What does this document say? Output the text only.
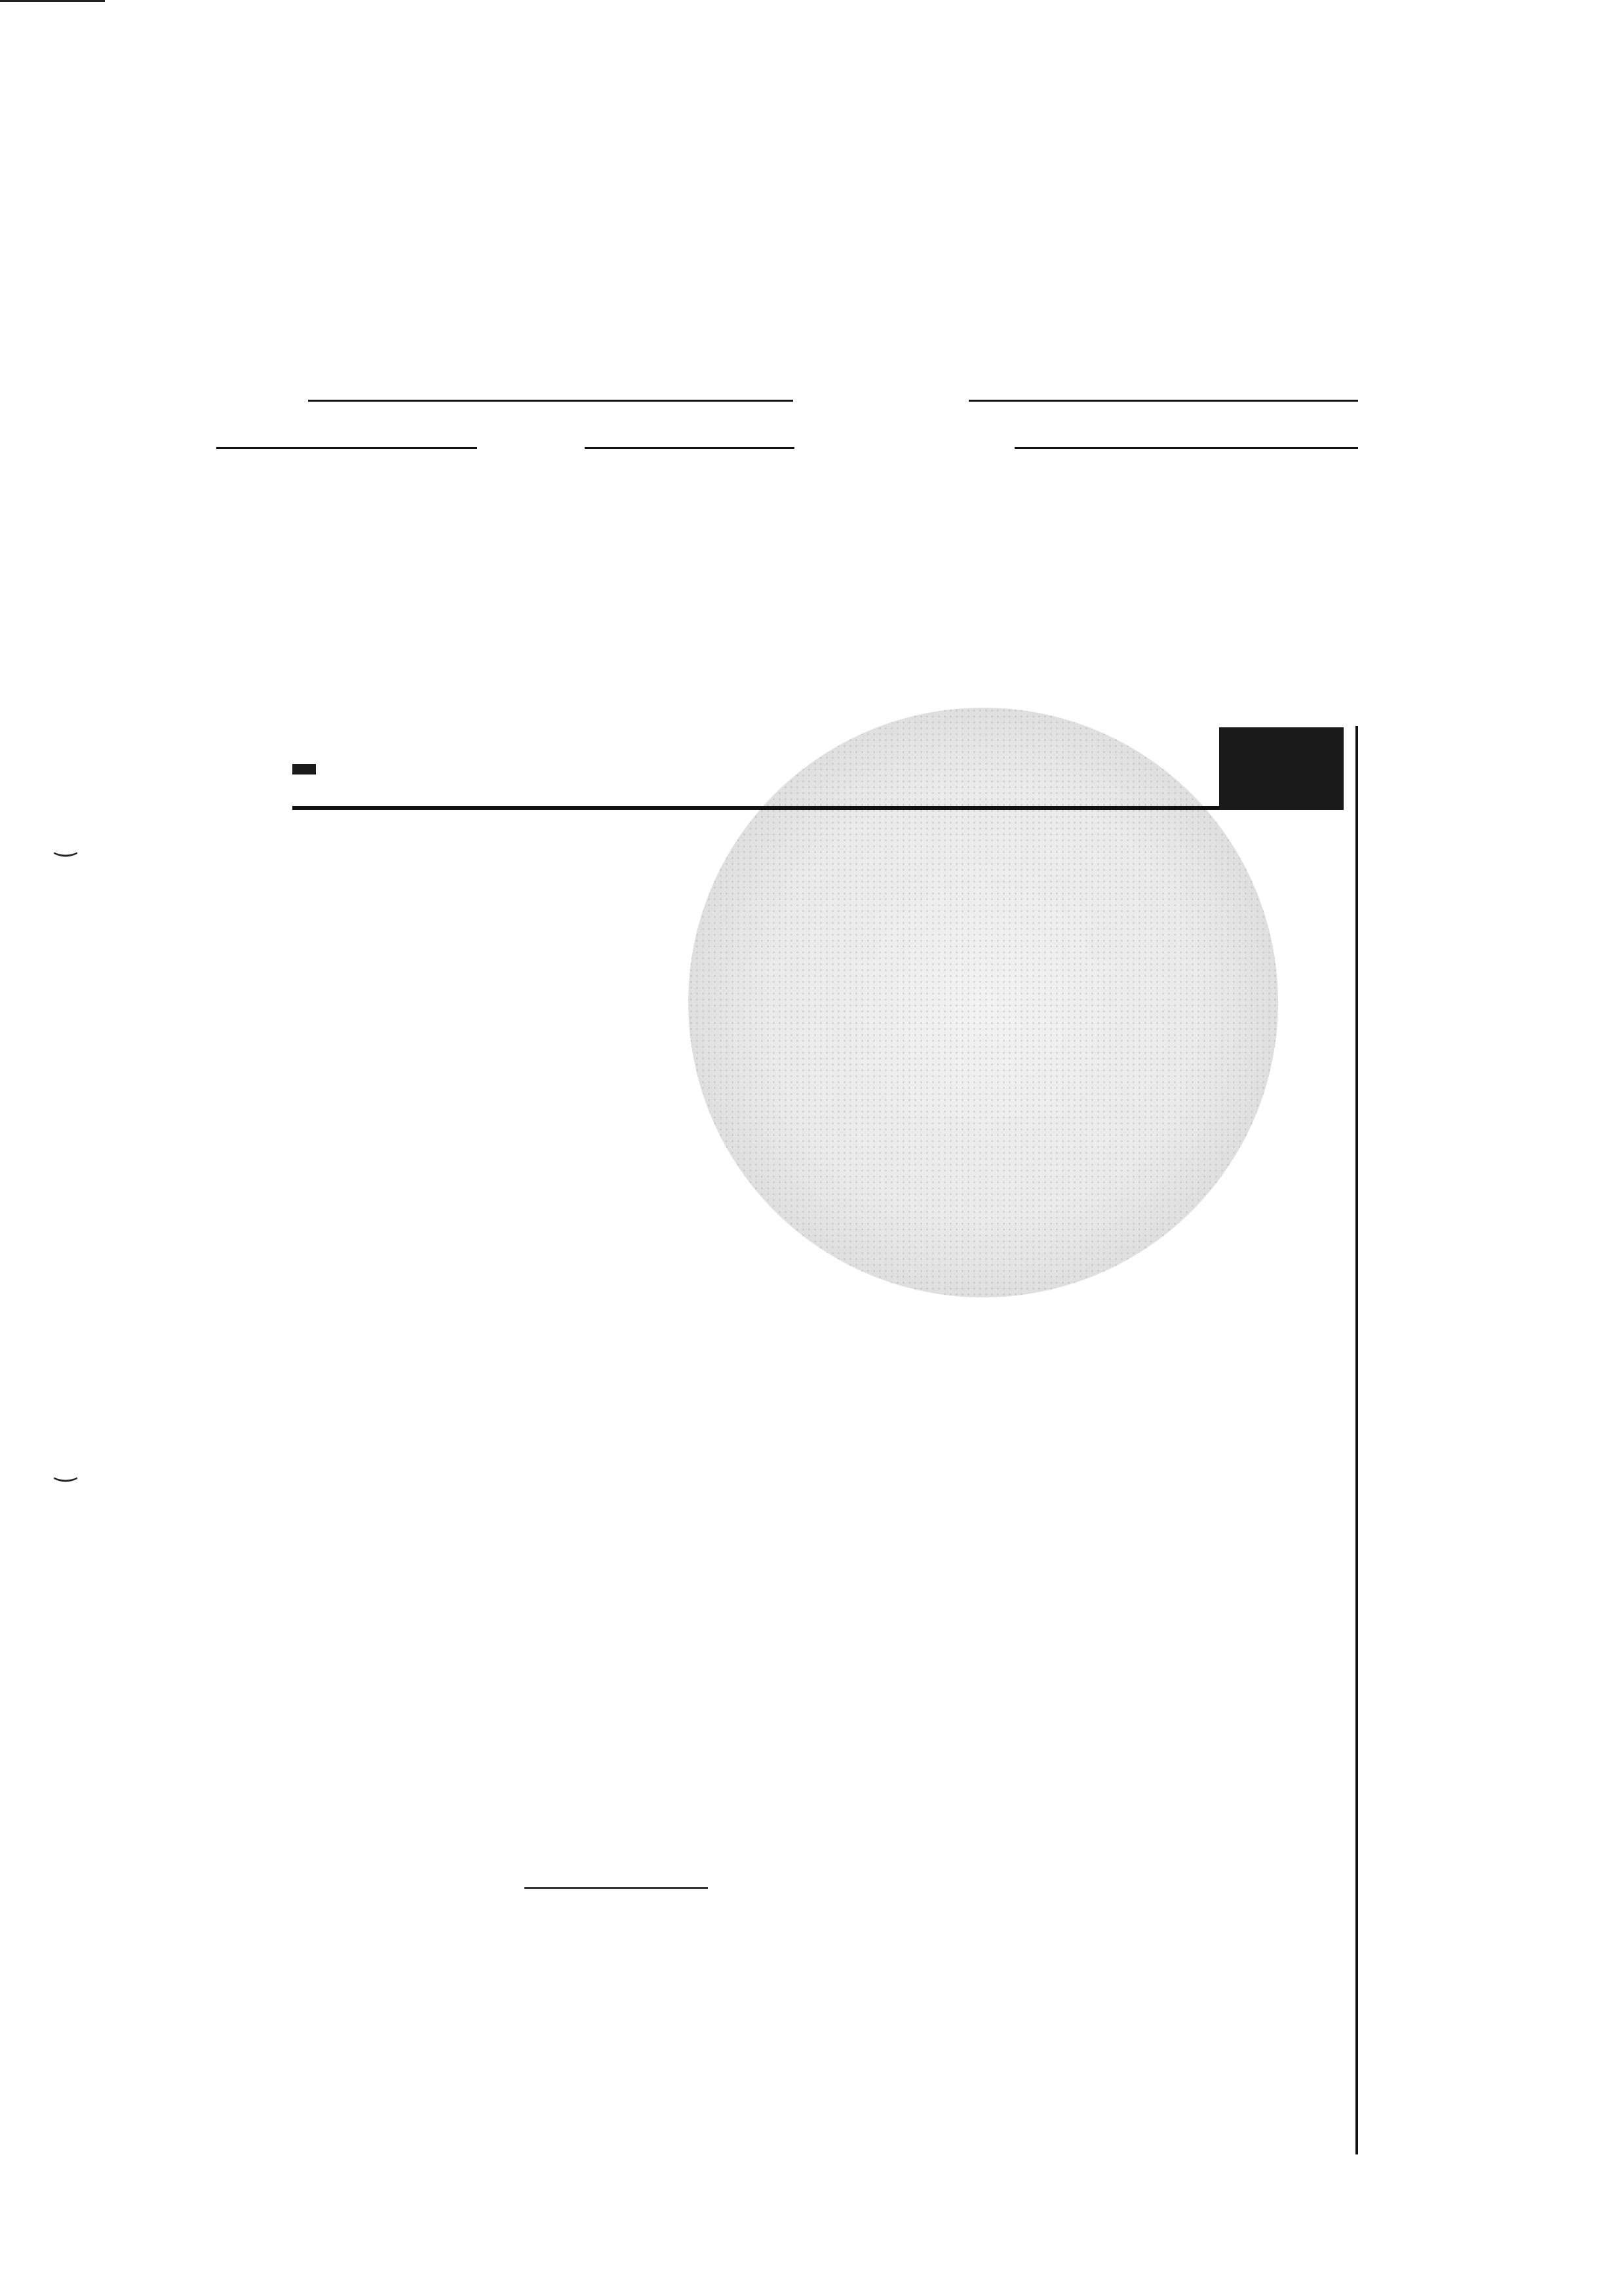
‿
‿
